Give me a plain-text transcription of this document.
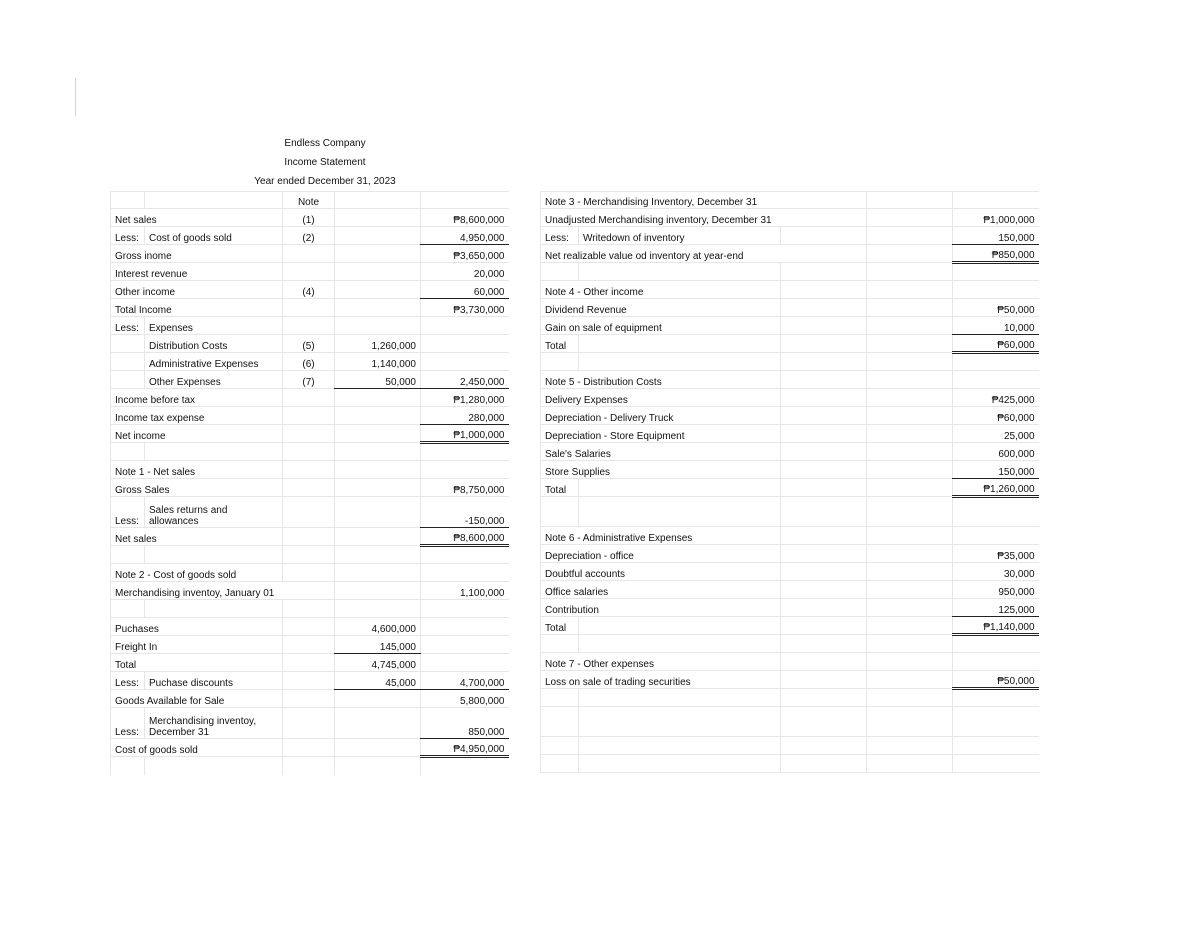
Endless Company
Income Statement
Year ended December 31, 2023
		Note		
Net sales		(1)		₱8,600,000
Less:	Cost of goods sold	(2)		4,950,000
Gross inome				₱3,650,000
Interest revenue				20,000
Other income		(4)		60,000
Total Income				₱3,730,000
Less:	Expenses			
	Distribution Costs	(5)	1,260,000	
	Administrative Expenses	(6)	1,140,000	
	Other Expenses	(7)	50,000	2,450,000
Income before tax				₱1,280,000
Income tax expense				280,000
Net income				₱1,000,000

Note 1 - Net sales				
Gross Sales				₱8,750,000
Less:	Sales returns and allowances			-150,000
Net sales				₱8,600,000

Note 2 - Cost of goods sold				
Merchandising inventoy, January 01				1,100,000

Puchases			4,600,000	
Freight In			145,000	
Total			4,745,000	
Less:	Puchase discounts		45,000	4,700,000
Goods Available for Sale				5,800,000
Less:	Merchandising inventoy, December 31			850,000
Cost of goods sold				₱4,950,000

Note 3 - Merchandising Inventory, December 31				
Unadjusted Merchandising inventory, December 31				₱1,000,000
Less:	Writedown of inventory			150,000
Net realizable value od inventory at year-end				₱850,000

Note 4 - Other income				
Dividend Revenue				₱50,000
Gain on sale of equipment				10,000
Total				₱60,000

Note 5 - Distribution Costs				
Delivery Expenses				₱425,000
Depreciation - Delivery Truck				₱60,000
Depreciation - Store Equipment				25,000
Sale's Salaries				600,000
Store Supplies				150,000
Total				₱1,260,000

Note 6 - Administrative Expenses				
Depreciation - office				₱35,000
Doubtful accounts				30,000
Office salaries				950,000
Contribution				125,000
Total				₱1,140,000

Note 7 - Other expenses				
Loss on sale of trading securities				₱50,000
